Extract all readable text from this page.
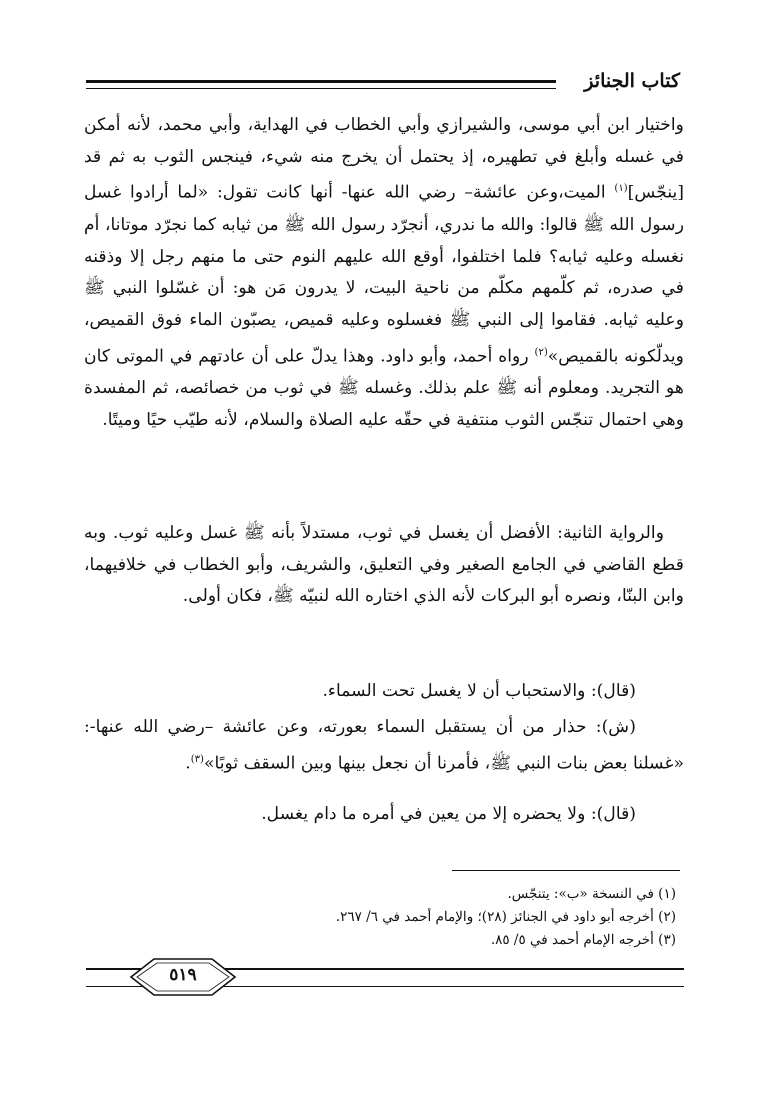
كتاب الجنائز

واختيار ابن أبي موسى، والشيرازي وأبي الخطاب في الهداية، وأبي محمد، لأنه أمكن في غسله وأبلغ في تطهيره، إذ يحتمل أن يخرج منه شيء، فينجس الثوب به ثم قد [ينجّس]$^{(١)}$ الميت،وعن عائشة– رضي الله عنها- أنها كانت تقول: «لما أرادوا غسل رسول الله ﷺ قالوا: والله ما ندري، أنجرّد رسول الله ﷺ من ثيابه كما نجرّد موتانا، أم نغسله وعليه ثيابه؟ فلما اختلفوا، أوقع الله عليهم النوم حتى ما منهم رجل إلا وذقنه في صدره، ثم كلّمهم مكلّم من ناحية البيت، لا يدرون مَن هو: أن غسّلوا النبي ﷺ وعليه ثيابه. فقاموا إلى النبي ﷺ فغسلوه وعليه قميص، يصبّون الماء فوق القميص، ويدلّكونه بالقميص»$^{(٢)}$ رواه أحمد، وأبو داود. وهذا يدلّ على أن عادتهم في الموتى كان هو التجريد. ومعلوم أنه ﷺ علم بذلك. وغسله ﷺ في ثوب من خصائصه، ثم المفسدة وهي احتمال تنجّس الثوب منتفية في حقّه عليه الصلاة والسلام، لأنه طيّب حيًا وميتًا.

والرواية الثانية: الأفضل أن يغسل في ثوب، مستدلاً بأنه ﷺ غسل وعليه ثوب. وبه قطع القاضي في الجامع الصغير وفي التعليق، والشريف، وأبو الخطاب في خلافيهما، وابن البنّا، ونصره أبو البركات لأنه الذي اختاره الله لنبيّه ﷺ، فكان أولى.

(قال): والاستحباب أن لا يغسل تحت السماء.

(ش): حذار من أن يستقبل السماء بعورته، وعن عائشة –رضي الله عنها-: «غسلنا بعض بنات النبي ﷺ، فأمرنا أن نجعل بينها وبين السقف ثوبًا»$^{(٣)}$.

(قال): ولا يحضره إلا من يعين في أمره ما دام يغسل.

(١) في النسخة «ب»: يتنجّس.
(٢) أخرجه أبو داود في الجنائز (٢٨)؛ والإمام أحمد في ٦/ ٢٦٧.
(٣) أخرجه الإمام أحمد في ٥/ ٨٥.
٥١٩
